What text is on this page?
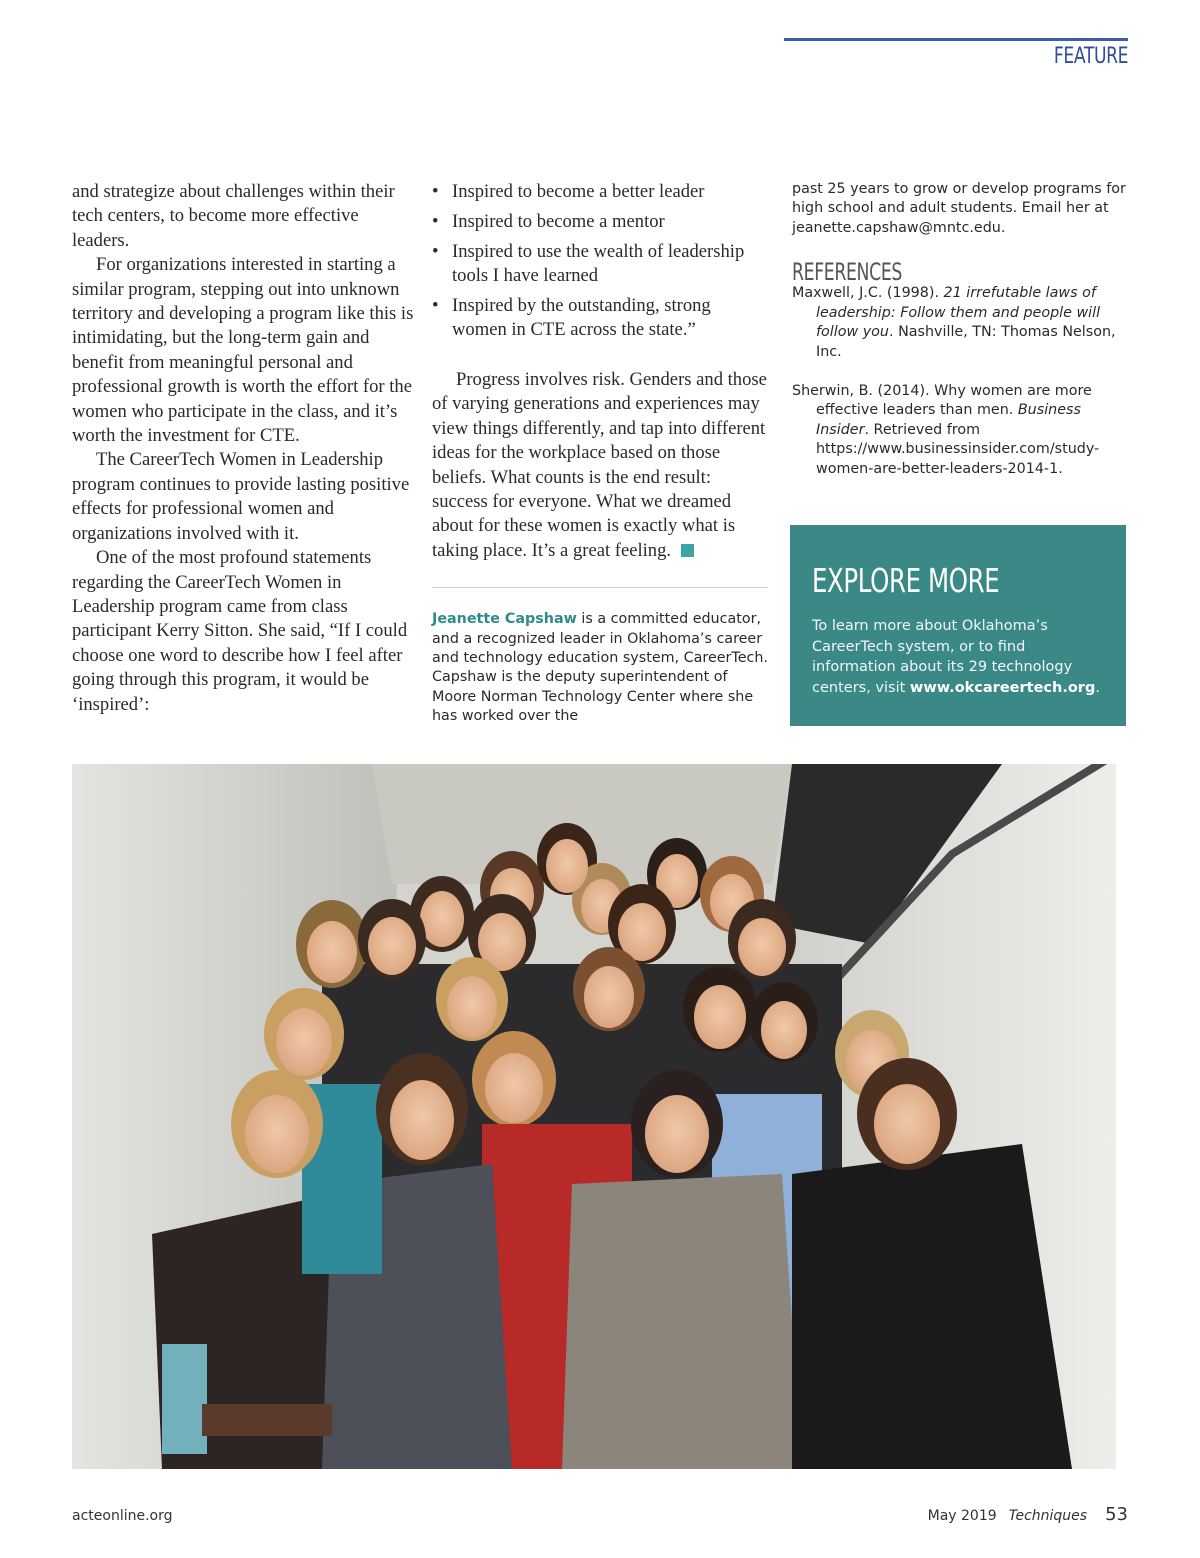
FEATURE

and strategize about challenges within their tech centers, to become more effective leaders.

For organizations interested in starting a similar program, stepping out into unknown territory and developing a program like this is intimidating, but the long-term gain and benefit from meaningful personal and professional growth is worth the effort for the women who participate in the class, and it’s worth the investment for CTE.

The CareerTech Women in Leadership program continues to provide lasting positive effects for professional women and organizations involved with it.

One of the most profound statements regarding the CareerTech Women in Leadership program came from class participant Kerry Sitton. She said, “If I could choose one word to describe how I feel after going through this program, it would be ‘inspired’:

• Inspired to become a better leader
• Inspired to become a mentor
• Inspired to use the wealth of leadership tools I have learned
• Inspired by the outstanding, strong women in CTE across the state.”

Progress involves risk. Genders and those of varying generations and experiences may view things differently, and tap into different ideas for the workplace based on those beliefs. What counts is the end result: success for everyone. What we dreamed about for these women is exactly what is taking place. It’s a great feeling.

Jeanette Capshaw is a committed educator, and a recognized leader in Oklahoma’s career and technology education system, CareerTech. Capshaw is the deputy superintendent of Moore Norman Technology Center where she has worked over the

past 25 years to grow or develop programs for high school and adult students. Email her at jeanette.capshaw@mntc.edu.

REFERENCES

Maxwell, J.C. (1998). 21 irrefutable laws of leadership: Follow them and people will follow you. Nashville, TN: Thomas Nelson, Inc.

Sherwin, B. (2014). Why women are more effective leaders than men. Business Insider. Retrieved from https://www.businessinsider.com/study-women-are-better-leaders-2014-1.

EXPLORE MORE

To learn more about Oklahoma’s CareerTech system, or to find information about its 29 technology centers, visit www.okcareertech.org.

acteonline.org	May 2019 Techniques 53
